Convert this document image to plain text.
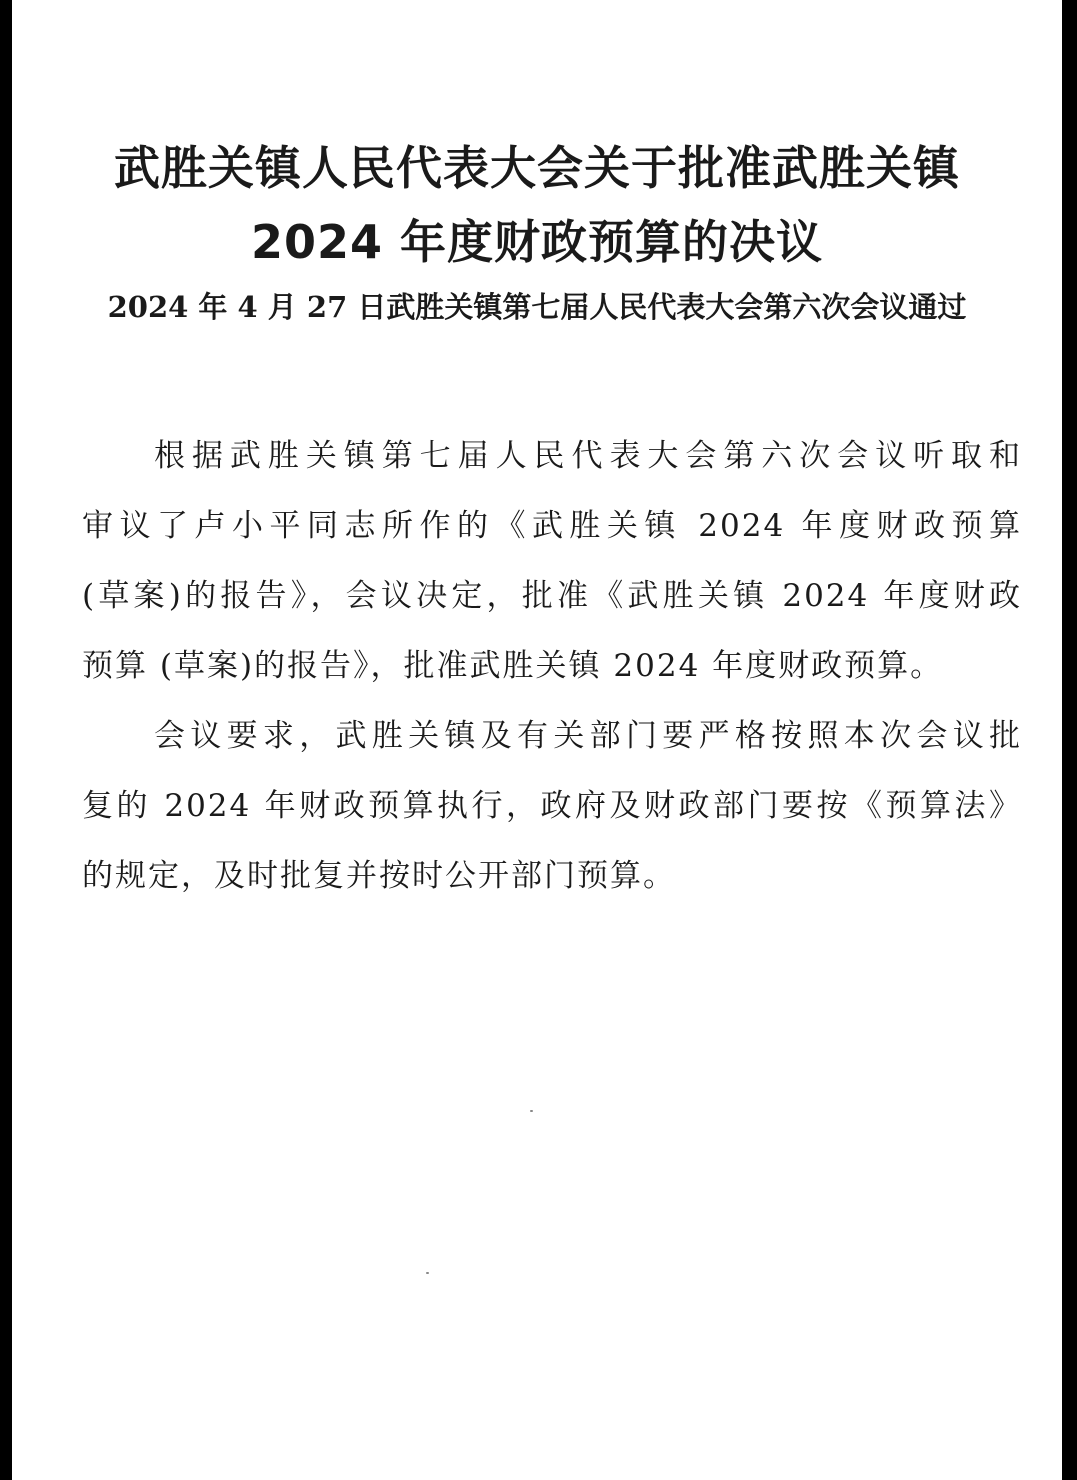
武胜关镇人民代表大会关于批准武胜关镇
2024 年度财政预算的决议
2024 年 4 月 27 日武胜关镇第七届人民代表大会第六次会议通过
根据武胜关镇第七届人民代表大会第六次会议听取和
审议了卢小平同志所作的《武胜关镇 2024 年度财政预算
(草案)的报告》，会议决定，批准《武胜关镇 2024 年度财政
预算 (草案)的报告》，批准武胜关镇 2024 年度财政预算。
会议要求，武胜关镇及有关部门要严格按照本次会议批
复的 2024 年财政预算执行，政府及财政部门要按《预算法》
的规定，及时批复并按时公开部门预算。
